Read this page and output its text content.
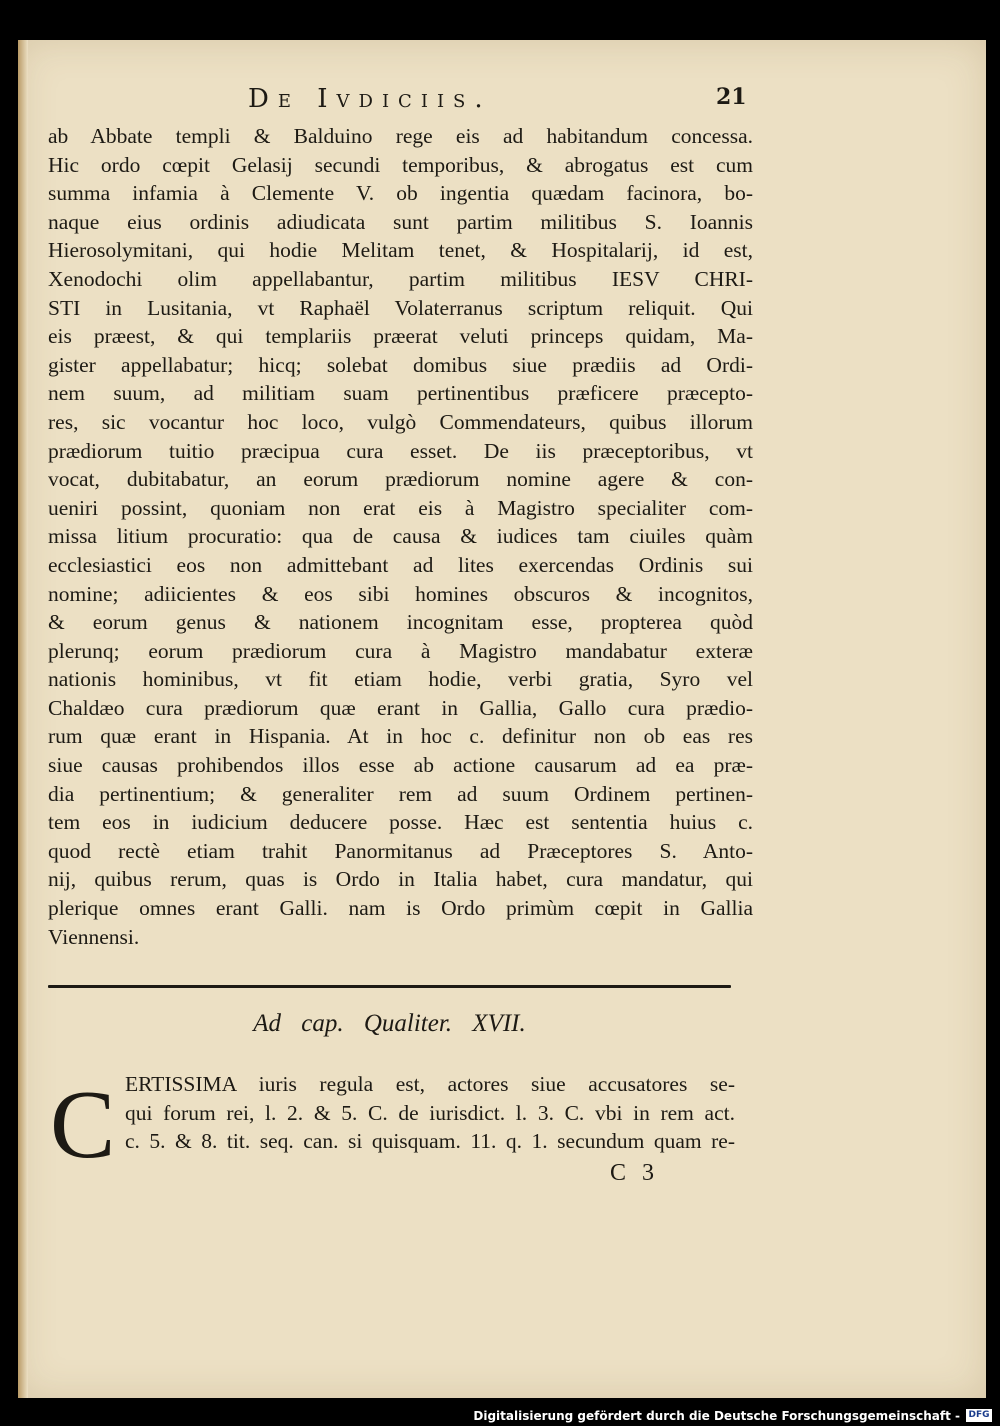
De Ivdiciis.	21
ab Abbate templi & Balduino rege eis ad habitandum concessa.
Hic ordo cœpit Gelasij secundi temporibus, & abrogatus est cum
summa infamia à Clemente V. ob ingentia quædam facinora, bo-
naque eius ordinis adiudicata sunt partim militibus S. Ioannis
Hierosolymitani, qui hodie Melitam tenet, & Hospitalarij, id est,
Xenodochi olim appellabantur, partim militibus IESV CHRI-
STI in Lusitania, vt Raphaël Volaterranus scriptum reliquit. Qui
eis præest, & qui templariis præerat veluti princeps quidam, Ma-
gister appellabatur; hicq; solebat domibus siue prædiis ad Ordi-
nem suum, ad militiam suam pertinentibus præficere præcepto-
res, sic vocantur hoc loco, vulgò Commendateurs, quibus illorum
prædiorum tuitio præcipua cura esset. De iis præceptoribus, vt
vocat, dubitabatur, an eorum prædiorum nomine agere & con-
ueniri possint, quoniam non erat eis à Magistro specialiter com-
missa litium procuratio: qua de causa & iudices tam ciuiles quàm
ecclesiastici eos non admittebant ad lites exercendas Ordinis sui
nomine; adiicientes & eos sibi homines obscuros & incognitos,
& eorum genus & nationem incognitam esse, propterea quòd
plerunq; eorum prædiorum cura à Magistro mandabatur exteræ
nationis hominibus, vt fit etiam hodie, verbi gratia, Syro vel
Chaldæo cura prædiorum quæ erant in Gallia, Gallo cura prædio-
rum quæ erant in Hispania. At in hoc c. definitur non ob eas res
siue causas prohibendos illos esse ab actione causarum ad ea præ-
dia pertinentium; & generaliter rem ad suum Ordinem pertinen-
tem eos in iudicium deducere posse. Hæc est sententia huius c.
quod rectè etiam trahit Panormitanus ad Præceptores S. Anto-
nij, quibus rerum, quas is Ordo in Italia habet, cura mandatur, qui
plerique omnes erant Galli. nam is Ordo primùm cœpit in Gallia
Viennensi.
Ad cap. Qualiter. XVII.
C ERTISSIMA iuris regula est, actores siue accusatores se-
qui forum rei, l. 2. & 5. C. de iurisdict. l. 3. C. vbi in rem act.
c. 5. & 8. tit. seq. can. si quisquam. 11. q. 1. secundum quam re-
C 3
Digitalisierung gefördert durch die Deutsche Forschungsgemeinschaft - DFG
